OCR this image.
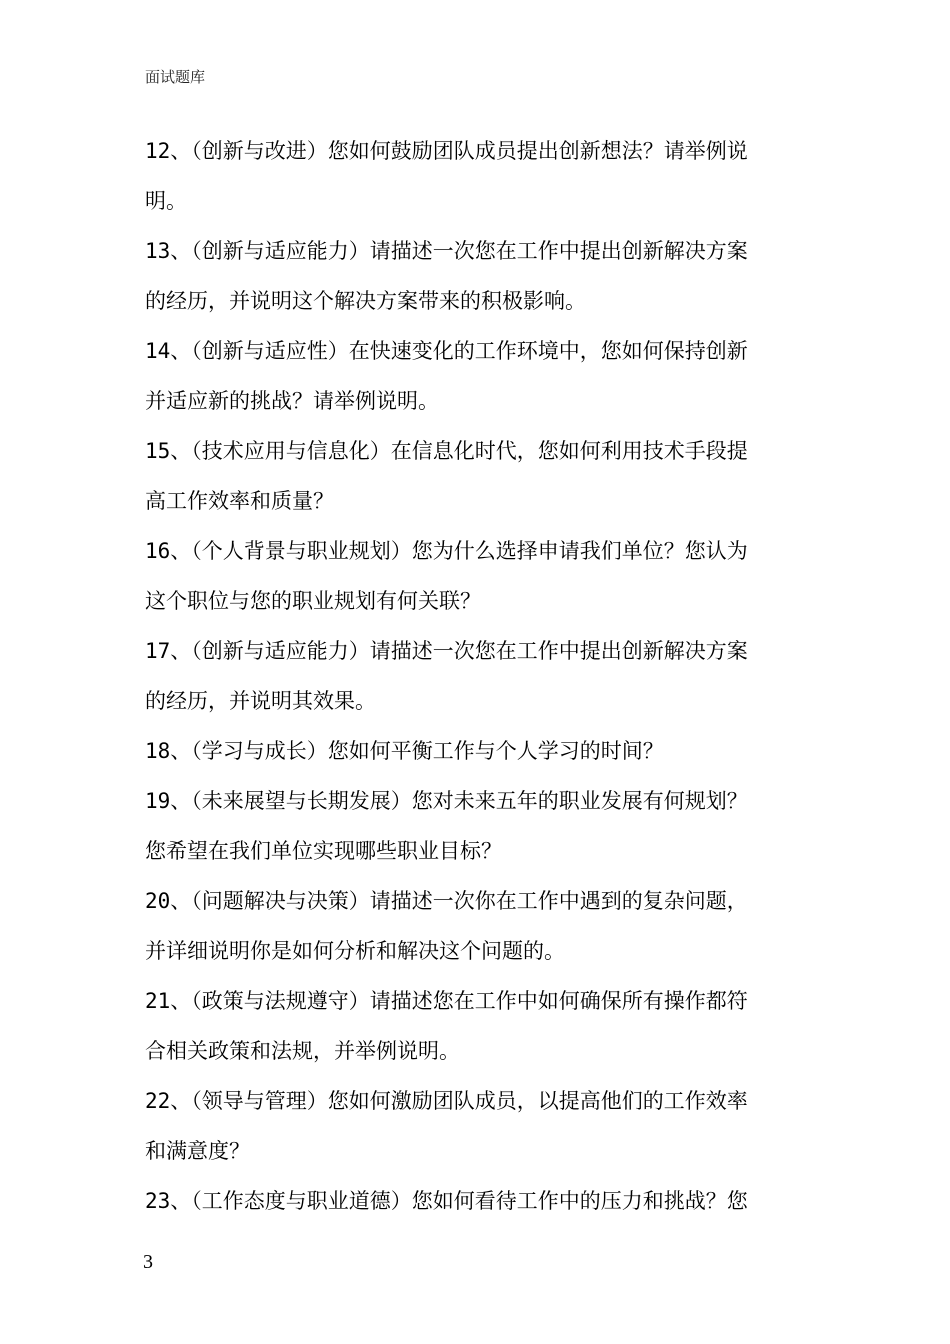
面试题库
12、（创新与改进）您如何鼓励团队成员提出创新想法？请举例说
明。
13、（创新与适应能力）请描述一次您在工作中提出创新解决方案
的经历，并说明这个解决方案带来的积极影响。
14、（创新与适应性）在快速变化的工作环境中，您如何保持创新
并适应新的挑战？请举例说明。
15、（技术应用与信息化）在信息化时代，您如何利用技术手段提
高工作效率和质量？
16、（个人背景与职业规划）您为什么选择申请我们单位？您认为
这个职位与您的职业规划有何关联？
17、（创新与适应能力）请描述一次您在工作中提出创新解决方案
的经历，并说明其效果。
18、（学习与成长）您如何平衡工作与个人学习的时间？
19、（未来展望与长期发展）您对未来五年的职业发展有何规划？
您希望在我们单位实现哪些职业目标？
20、（问题解决与决策）请描述一次你在工作中遇到的复杂问题，
并详细说明你是如何分析和解决这个问题的。
21、（政策与法规遵守）请描述您在工作中如何确保所有操作都符
合相关政策和法规，并举例说明。
22、（领导与管理）您如何激励团队成员，以提高他们的工作效率
和满意度？
23、（工作态度与职业道德）您如何看待工作中的压力和挑战？您
3
